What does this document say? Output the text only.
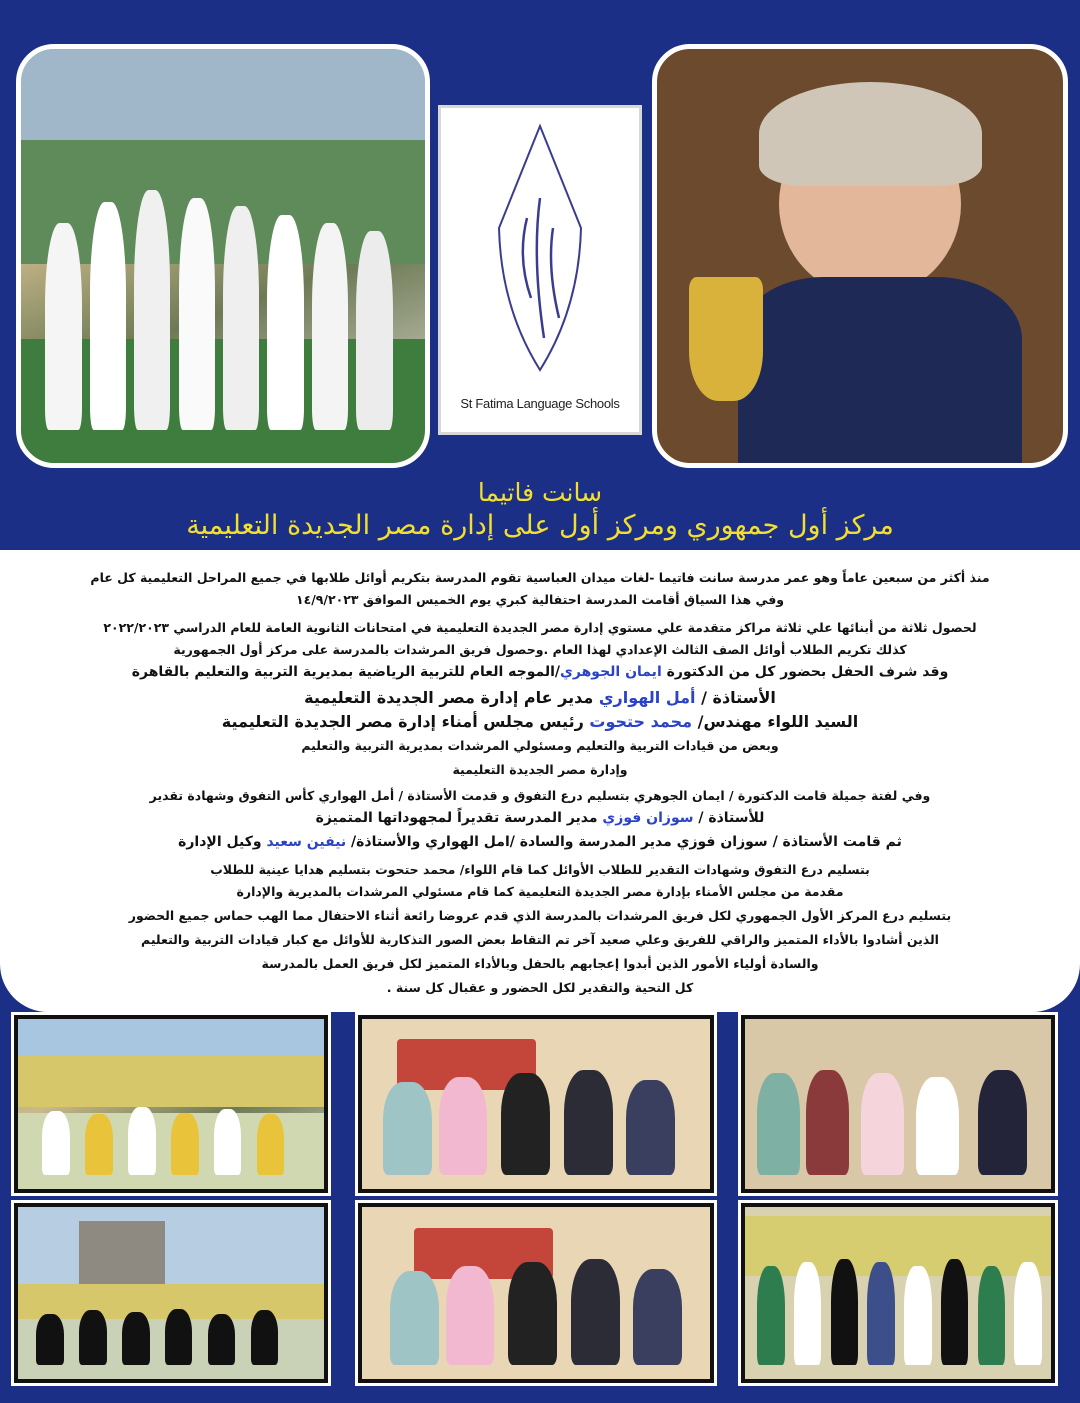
St Fatima Language Schools
سانت فاتيما
مركز أول جمهوري ومركز أول على إدارة مصر الجديدة التعليمية
منذ أكثر من سبعين عاماً وهو عمر مدرسة سانت فاتيما -لغات ميدان العباسية تقوم المدرسة بتكريم أوائل طلابها في جميع المراحل التعليمية كل عام
وفي هذا السياق أقامت المدرسة احتفالية كبري يوم الخميس الموافق ١٤/٩/٢٠٢٣
لحصول ثلاثة من أبنائها علي ثلاثة مراكز متقدمة علي مستوي إدارة مصر الجديدة التعليمية في امتحانات الثانوية العامة للعام الدراسي ٢٠٢٢/٢٠٢٣
كذلك تكريم الطلاب أوائل الصف الثالث الإعدادي لهذا العام .وحصول فريق المرشدات بالمدرسة على مركز أول الجمهورية
وقد شرف الحفل بحضور كل من الدكتورة ايمان الجوهري/الموجه العام للتربية الرياضية بمديرية التربية والتعليم بالقاهرة
الأستاذة / أمل الهواري مدير عام إدارة مصر الجديدة التعليمية
السيد اللواء مهندس/ محمد حتحوت رئيس مجلس أمناء إدارة مصر الجديدة التعليمية
وبعض من قيادات التربية والتعليم ومسئولي المرشدات بمديرية التربية والتعليم
وإدارة مصر الجديدة التعليمية
وفي لفتة جميلة قامت الدكتورة / ايمان الجوهري بتسليم درع التفوق و قدمت الأستاذة / أمل الهواري كأس التفوق وشهادة تقدير
للأستاذة / سوزان فوزي مدير المدرسة تقديراً لمجهوداتها المتميزة
ثم قامت الأستاذة / سوزان فوزي مدير المدرسة والسادة /امل الهواري والأستاذة/ نيفين سعيد وكيل الإدارة
بتسليم درع التفوق وشهادات التقدير للطلاب الأوائل كما قام اللواء/ محمد حتحوت بتسليم هدايا عينية للطلاب
مقدمة من مجلس الأمناء بإدارة مصر الجديدة التعليمية كما قام مسئولي المرشدات بالمديرية والإدارة
بتسليم درع المركز الأول الجمهوري لكل فريق المرشدات بالمدرسة الذي قدم عروضا رائعة أثناء الاحتفال مما الهب حماس جميع الحضور
الذين أشادوا بالأداء المتميز والراقي للفريق وعلي صعيد آخر تم التقاط بعض الصور التذكارية للأوائل مع كبار قيادات التربية والتعليم
والسادة أولياء الأمور الذين أبدوا إعجابهم بالحفل وبالأداء المتميز لكل فريق العمل بالمدرسة
كل التحية والتقدير لكل الحضور و عقبال كل سنة .
